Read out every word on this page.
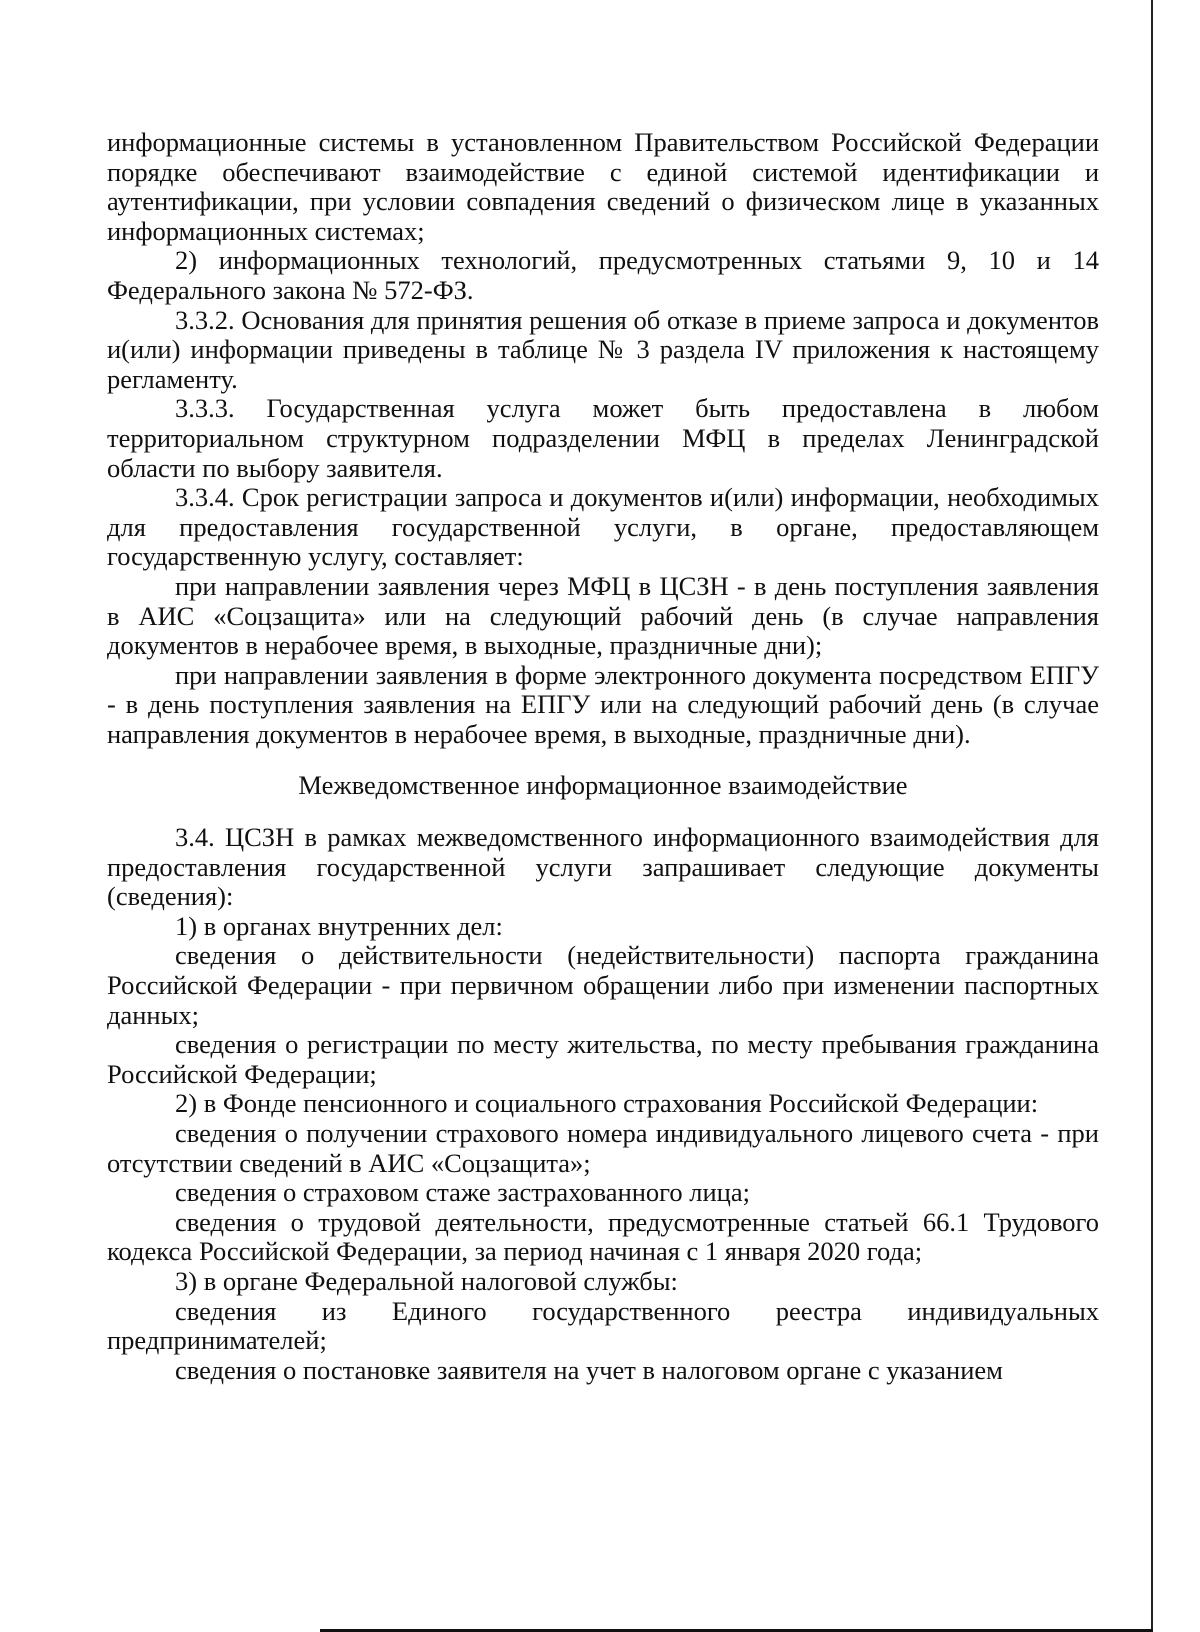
информационные системы в установленном Правительством Российской Федерации порядке обеспечивают взаимодействие с единой системой идентификации и аутентификации, при условии совпадения сведений о физическом лице в указанных информационных системах;

2) информационных технологий, предусмотренных статьями 9, 10 и 14 Федерального закона № 572-ФЗ.

3.3.2. Основания для принятия решения об отказе в приеме запроса и документов и(или) информации приведены в таблице № 3 раздела IV приложения к настоящему регламенту.

3.3.3. Государственная услуга может быть предоставлена в любом территориальном структурном подразделении МФЦ в пределах Ленинградской области по выбору заявителя.

3.3.4. Срок регистрации запроса и документов и(или) информации, необходимых для предоставления государственной услуги, в органе, предоставляющем государственную услугу, составляет:

при направлении заявления через МФЦ в ЦСЗН - в день поступления заявления в АИС «Соцзащита» или на следующий рабочий день (в случае направления документов в нерабочее время, в выходные, праздничные дни);

при направлении заявления в форме электронного документа посредством ЕПГУ - в день поступления заявления на ЕПГУ или на следующий рабочий день (в случае направления документов в нерабочее время, в выходные, праздничные дни).

Межведомственное информационное взаимодействие

3.4. ЦСЗН в рамках межведомственного информационного взаимодействия для предоставления государственной услуги запрашивает следующие документы (сведения):

1) в органах внутренних дел:

сведения о действительности (недействительности) паспорта гражданина Российской Федерации - при первичном обращении либо при изменении паспортных данных;

сведения о регистрации по месту жительства, по месту пребывания гражданина Российской Федерации;

2) в Фонде пенсионного и социального страхования Российской Федерации:

сведения о получении страхового номера индивидуального лицевого счета - при отсутствии сведений в АИС «Соцзащита»;

сведения о страховом стаже застрахованного лица;

сведения о трудовой деятельности, предусмотренные статьей 66.1 Трудового кодекса Российской Федерации, за период начиная с 1 января 2020 года;

3) в органе Федеральной налоговой службы:

сведения из Единого государственного реестра индивидуальных предпринимателей;

сведения о постановке заявителя на учет в налоговом органе с указанием
